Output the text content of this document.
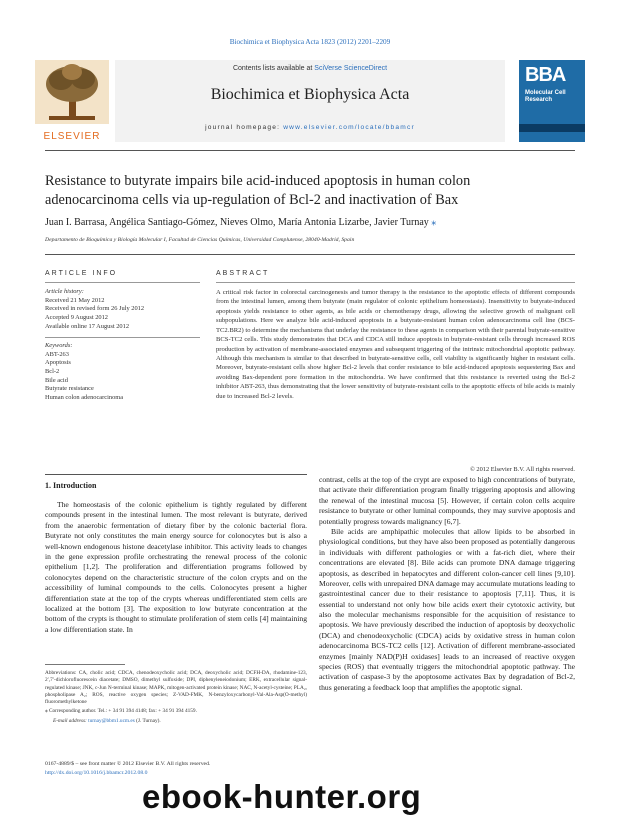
Biochimica et Biophysica Acta 1823 (2012) 2201–2209
ELSEVIER
Contents lists available at SciVerse ScienceDirect
Biochimica et Biophysica Acta
journal homepage: www.elsevier.com/locate/bbamcr
BBA
Molecular Cell Research
Resistance to butyrate impairs bile acid-induced apoptosis in human colon adenocarcinoma cells via up-regulation of Bcl-2 and inactivation of Bax
Juan I. Barrasa, Angélica Santiago-Gómez, Nieves Olmo, María Antonia Lizarbe, Javier Turnay ⁎
Departamento de Bioquímica y Biología Molecular I, Facultad de Ciencias Químicas, Universidad Complutense, 28040-Madrid, Spain
ARTICLE INFO	ABSTRACT
Article history:
Received 21 May 2012
Received in revised form 26 July 2012
Accepted 9 August 2012
Available online 17 August 2012
Keywords:
ABT-263
Apoptosis
Bcl-2
Bile acid
Butyrate resistance
Human colon adenocarcinoma
A critical risk factor in colorectal carcinogenesis and tumor therapy is the resistance to the apoptotic effects of different compounds from the intestinal lumen, among them butyrate (main regulator of colonic epithelium homeostasis). Insensitivity to butyrate-induced apoptosis yields resistance to other agents, as bile acids or chemotherapy drugs, allowing the selective growth of malignant cell subpopulations. Here we analyze bile acid-induced apoptosis in a butyrate-resistant human colon adenocarcinoma cell line (BCS-TC2.BR2) to determine the mechanisms that underlay the resistance to these agents in comparison with their parental butyrate-sensitive BCS-TC2 cells. This study demonstrates that DCA and CDCA still induce apoptosis in butyrate-resistant cells through increased ROS production by activation of membrane-associated enzymes and subsequent triggering of the intrinsic mitochondrial apoptotic pathway. Although this mechanism is similar to that described in butyrate-sensitive cells, cell viability is significantly higher in resistant cells. Moreover, butyrate-resistant cells show higher Bcl-2 levels that confer resistance to bile acid-induced apoptosis sequestering Bax and avoiding Bax-dependent pore formation in the mitochondria. We have confirmed that this resistance is reverted using the Bcl-2 inhibitor ABT-263, thus demonstrating that the lower sensitivity of butyrate-resistant cells to the apoptotic effects of bile acids is mainly due to increased Bcl-2 levels.
© 2012 Elsevier B.V. All rights reserved.
1. Introduction

The homeostasis of the colonic epithelium is tightly regulated by different compounds present in the intestinal lumen. The most relevant is butyrate, derived from the anaerobic fermentation of dietary fiber by the colonic bacterial flora. Butyrate not only constitutes the main energy source for colonocytes but is also a well-known endogenous histone deacetylase inhibitor. This activity leads to changes in the gene expression profile orchestrating the renewal process of the colonic epithelium [1,2]. The proliferation and differentiation programs followed by colonocytes depend on the characteristic structure of the colon crypts and on the accessibility of luminal compounds to the cells. Colonocytes present a higher differentiation state at the top of the crypts whereas undifferentiated stem cells are localized at the bottom [3]. The exposition to low butyrate concentration at the bottom of the crypts is thought to stimulate proliferation of stem cells [4] maintaining a low differentiation state. In

contrast, cells at the top of the crypt are exposed to high concentrations of butyrate, that activate their differentiation program finally triggering apoptosis and allowing the renewal of the intestinal mucosa [5]. However, if certain colon cells acquire resistance to butyrate or other luminal compounds, they may survive apoptosis and potentially progress towards malignancy [6,7].

Bile acids are amphipathic molecules that allow lipids to be absorbed in physiological conditions, but they have also been proposed as potentially dangerous in individuals with different pathologies or with a fat-rich diet, where their concentrations are elevated [8]. Bile acids can promote DNA damage triggering apoptosis, as described in hepatocytes and different colon-cancer cell lines [9,10]. Moreover, cells with unrepaired DNA damage may accumulate mutations leading to gastrointestinal cancer due to their resistance to apoptosis [7,11]. Thus, it is essential to understand not only how bile acids exert their cytotoxic activity, but also the molecular mechanisms responsible for the acquisition of resistance to apoptosis. We have previously described the induction of apoptosis by deoxycholic (DCA) and chenodeoxycholic (CDCA) acids by oxidative stress in human colon adenocarcinoma BCS-TC2 cells [12]. Activation of different membrane-associated enzymes [mainly NAD(P)H oxidases] leads to an increased of reactive oxygen species (ROS) that eventually triggers the mitochondrial apoptotic pathway. The activation of caspase-3 by the apoptosome activates Bax by degradation of Bcl-2, thus generating a feedback loop that amplifies the apoptotic signal.

Abbreviations: CA, cholic acid; CDCA, chenodeoxycholic acid; DCA, deoxycholic acid; DCFH-DA, rhodamine-123, 2′,7′-dichlorofluorescein diacetate; DMSO, dimethyl sulfoxide; DPI, diphenyleneiodonium; ERK, extracellular signal-regulated kinase; JNK, c-Jun N-terminal kinase; MAPK, mitogen-activated protein kinase; NAC, N-acetyl-cysteine; PLA₂, phospholipase A₂; ROS, reactive oxygen species; Z-VAD-FMK, N-benzyloxycarbonyl-Val-Ala-Asp(O-methyl) fluoromethylketone

⁎ Corresponding author. Tel.: + 34 91 394 4148; fax: + 34 91 394 4159.

E-mail address: turnay@bbm1.ucm.es (J. Turnay).

0167-4889/$ – see front matter © 2012 Elsevier B.V. All rights reserved.
http://dx.doi.org/10.1016/j.bbamcr.2012.08.0
ebook-hunter.org
